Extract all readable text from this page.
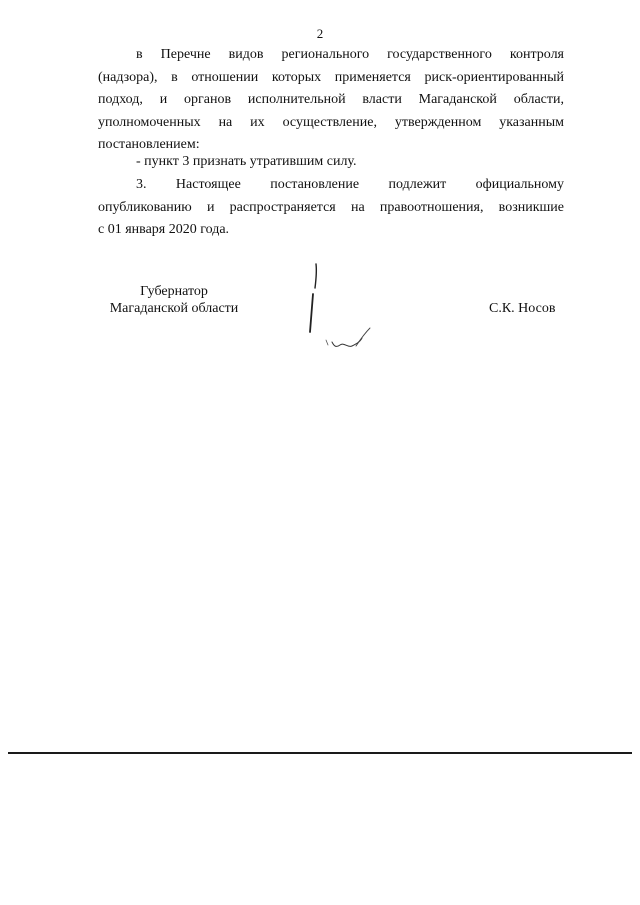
2
в Перечне видов регионального государственного контроля
(надзора), в отношении которых применяется риск-ориентированный
подход, и органов исполнительной власти Магаданской области,
уполномоченных на их осуществление, утвержденном указанным
постановлением:
- пункт 3 признать утратившим силу.
3. Настоящее постановление подлежит официальному
опубликованию и распространяется на правоотношения, возникшие
с 01 января 2020 года.
Губернатор
Магаданской области	С.К. Носов
